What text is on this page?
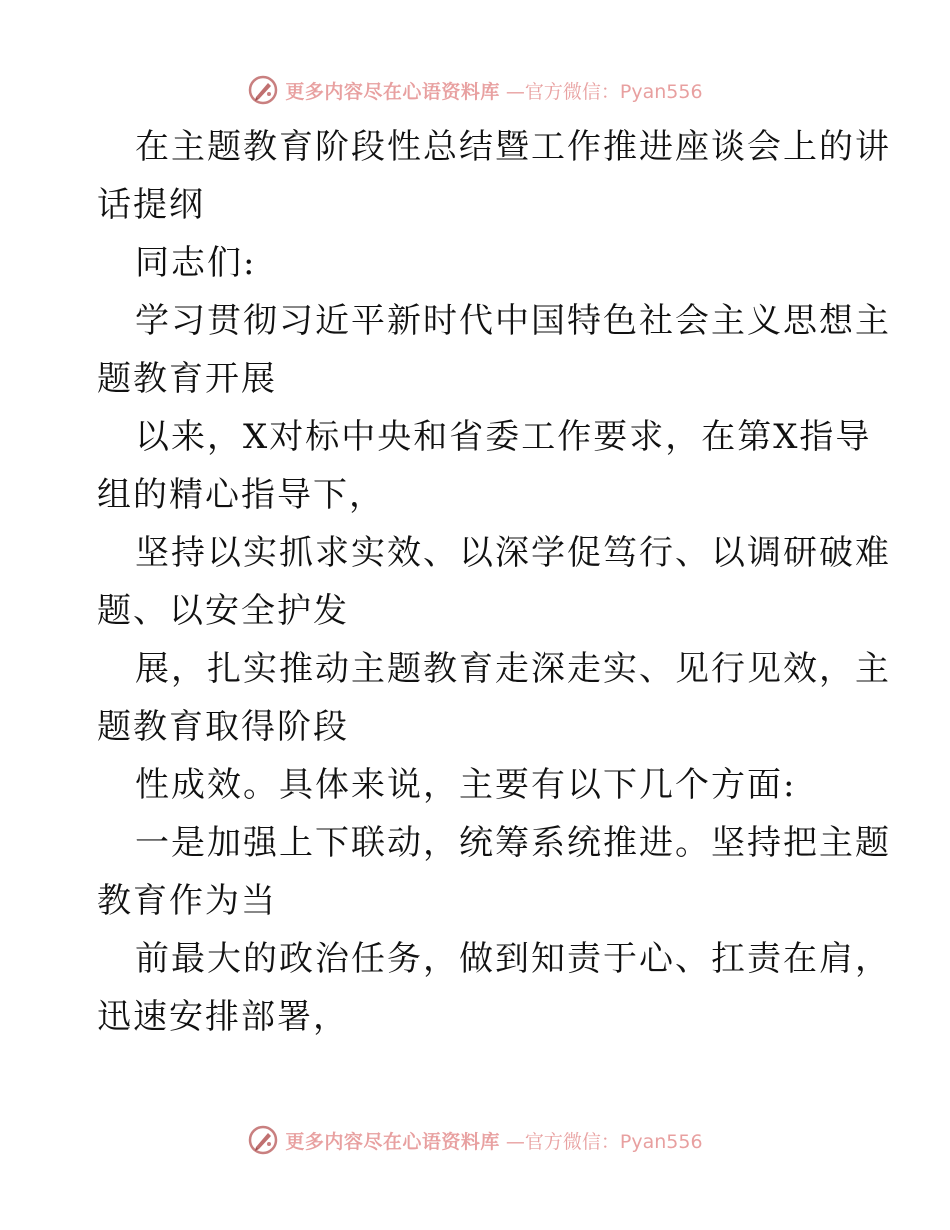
更多内容尽在心语资料库 —官方微信：Pyan556
在主题教育阶段性总结暨工作推进座谈会上的讲
话提纲
同志们:
学习贯彻习近平新时代中国特色社会主义思想主
题教育开展
以来，X对标中央和省委工作要求，在第X指导
组的精心指导下，
坚持以实抓求实效、以深学促笃行、以调研破难
题、以安全护发
展，扎实推动主题教育走深走实、见行见效，主
题教育取得阶段
性成效。具体来说，主要有以下几个方面:
一是加强上下联动，统筹系统推进。坚持把主题
教育作为当
前最大的政治任务，做到知责于心、扛责在肩，
迅速安排部署，
更多内容尽在心语资料库 —官方微信：Pyan556
